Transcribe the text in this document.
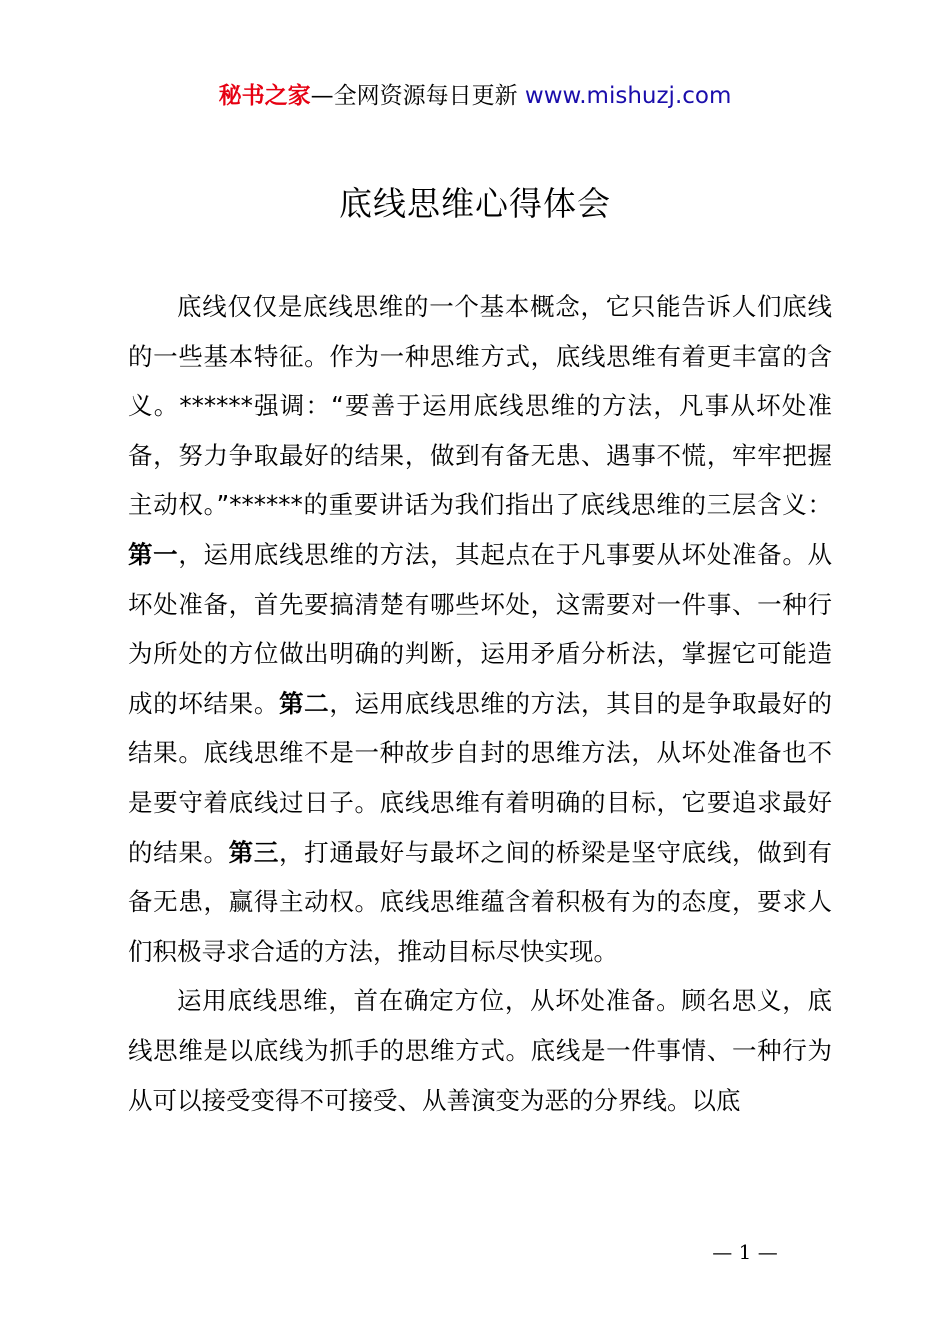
秘书之家—全网资源每日更新 www.mishuzj.com
底线思维心得体会

底线仅仅是底线思维的一个基本概念，它只能告诉人们底线的一些基本特征。作为一种思维方式，底线思维有着更丰富的含义。******强调：“要善于运用底线思维的方法，凡事从坏处准备，努力争取最好的结果，做到有备无患、遇事不慌，牢牢把握主动权。”******的重要讲话为我们指出了底线思维的三层含义：第一，运用底线思维的方法，其起点在于凡事要从坏处准备。从坏处准备，首先要搞清楚有哪些坏处，这需要对一件事、一种行为所处的方位做出明确的判断，运用矛盾分析法，掌握它可能造成的坏结果。第二，运用底线思维的方法，其目的是争取最好的结果。底线思维不是一种故步自封的思维方法，从坏处准备也不是要守着底线过日子。底线思维有着明确的目标，它要追求最好的结果。第三，打通最好与最坏之间的桥梁是坚守底线，做到有备无患，赢得主动权。底线思维蕴含着积极有为的态度，要求人们积极寻求合适的方法，推动目标尽快实现。

运用底线思维，首在确定方位，从坏处准备。顾名思义，底线思维是以底线为抓手的思维方式。底线是一件事情、一种行为从可以接受变得不可接受、从善演变为恶的分界线。以底

— 1 —
